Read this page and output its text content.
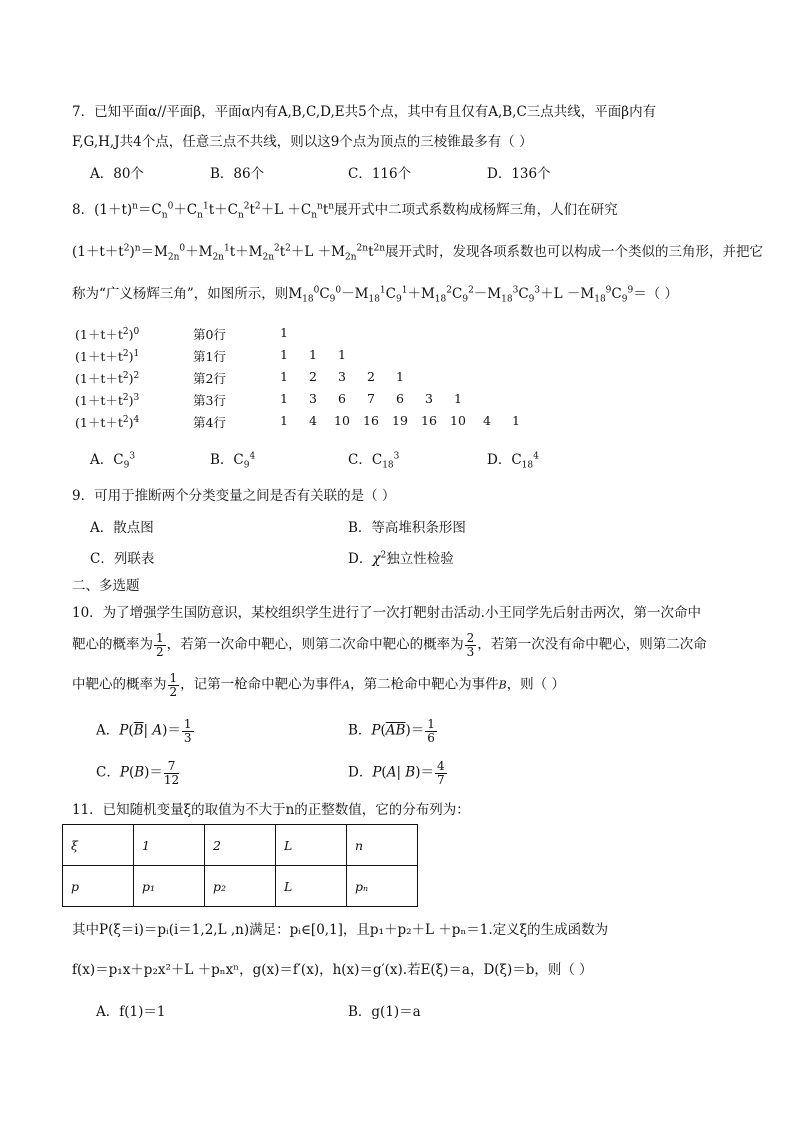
7．已知平面α//平面β，平面α内有A,B,C,D,E共5个点，其中有且仅有A,B,C三点共线，平面β内有
F,G,H,J共4个点，任意三点不共线，则以这9个点为顶点的三棱锥最多有（ ）
A．80个	B．86个	C．116个	D．136个
8．$(1+t)^n=C_n^0+C_n^1t+C_n^2t^2+L +C_n^nt^n$展开式中二项式系数构成杨辉三角，人们在研究
$(1+t+t^2)^n=M_{2n}^0+M_{2n}^1t+M_{2n}^2t^2+L +M_{2n}^{2n}t^{2n}$展开式时，发现各项系数也可以构成一个类似的三角形，并把它
称为“广义杨辉三角”，如图所示，则$M_{18}^0C_9^0-M_{18}^1C_9^1+M_{18}^2C_9^2-M_{18}^3C_9^3+L -M_{18}^9C_9^9=$（ ）
$(1+t+t^2)^0$	第0行	1
$(1+t+t^2)^1$	第1行	1	1	1
$(1+t+t^2)^2$	第2行	1	2	3	2	1
$(1+t+t^2)^3$	第3行	1	3	6	7	6	3	1
$(1+t+t^2)^4$	第4行	1	4	10	16	19	16	10	4	1
A．$C_9^3$	B．$C_9^4$	C．$C_{18}^3$	D．$C_{18}^4$
9．可用于推断两个分类变量之间是否有关联的是（ ）
A．散点图	B．等高堆积条形图
C．列联表	D．$\chi^2$独立性检验
二、多选题
10．为了增强学生国防意识，某校组织学生进行了一次打靶射击活动.小王同学先后射击两次，第一次命中
靶心的概率为 $\frac{1}{2}$ ，若第一次命中靶心，则第二次命中靶心的概率为 $\frac{2}{3}$ ，若第一次没有命中靶心，则第二次命
中靶心的概率为 $\frac{1}{2}$ ，记第一枪命中靶心为事件A，第二枪命中靶心为事件B，则（ ）
A．$P(\overline{B}|$ $A)= \frac{1}{3}$	B．$P(\overline{AB})= \frac{1}{6}$
C．$P(B)= \frac{7}{12}$	D．P(A| $B)= \frac{4}{7}$
11．已知随机变量ξ的取值为不大于n的正整数值，它的分布列为：
ξ	1	2	L	n
p	p₁	p₂	L	pₙ
其中P(ξ＝i)＝pᵢ(i＝1,2,L ,n)满足：pᵢ∈[0,1]，且p₁＋p₂＋L ＋pₙ＝1.定义ξ的生成函数为
f(x)＝p₁x＋p₂x²＋L ＋pₙxⁿ，g(x)＝f′(x)，h(x)＝g′(x).若E(ξ)＝a，D(ξ)＝b，则（ ）
A．f(1)＝1	B．g(1)＝a
